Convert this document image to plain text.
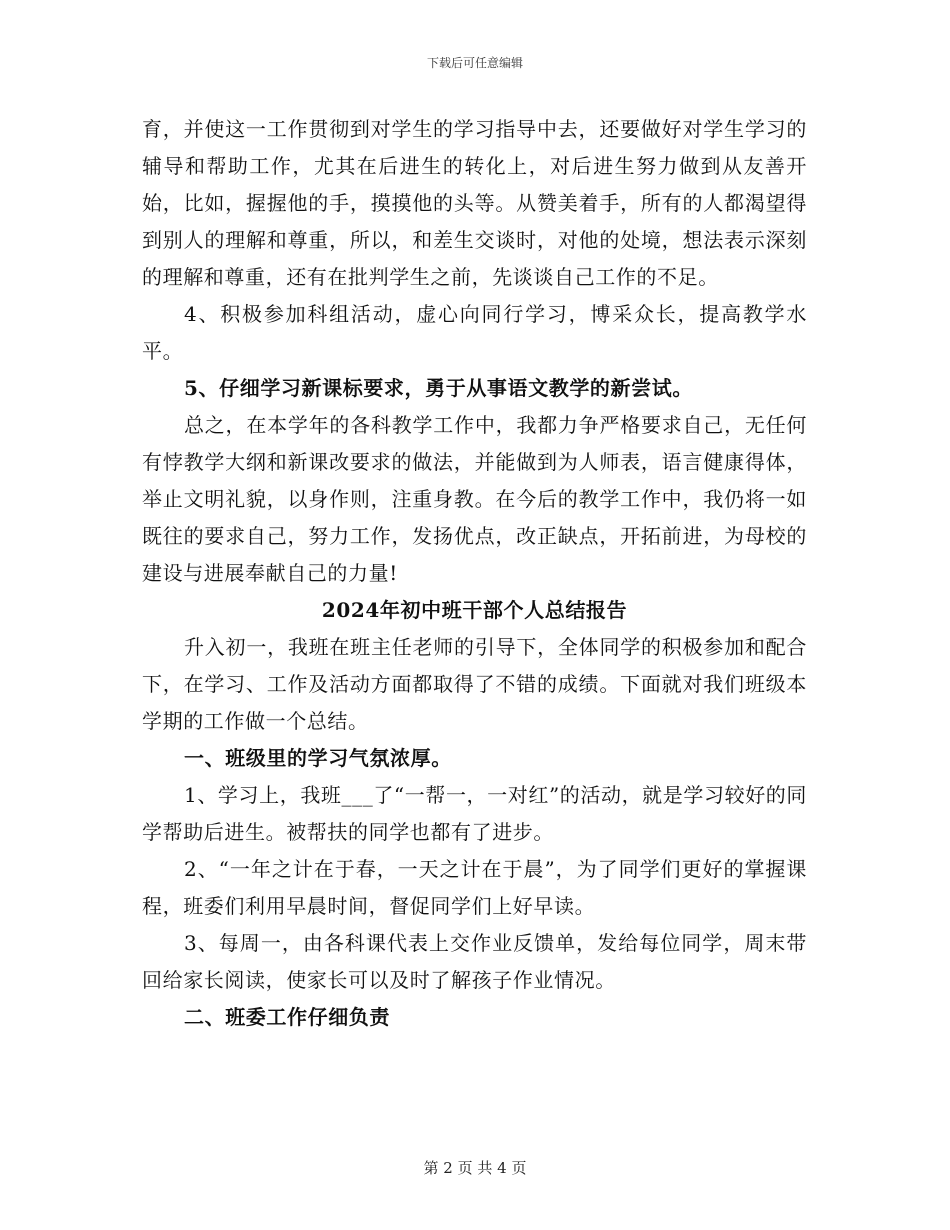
下载后可任意编辑

育，并使这一工作贯彻到对学生的学习指导中去，还要做好对学生学习的辅导和帮助工作，尤其在后进生的转化上，对后进生努力做到从友善开始，比如，握握他的手，摸摸他的头等。从赞美着手，所有的人都渴望得到别人的理解和尊重，所以，和差生交谈时，对他的处境，想法表示深刻的理解和尊重，还有在批判学生之前，先谈谈自己工作的不足。

4、积极参加科组活动，虚心向同行学习，博采众长，提高教学水平。

5、仔细学习新课标要求，勇于从事语文教学的新尝试。

总之，在本学年的各科教学工作中，我都力争严格要求自己，无任何有悖教学大纲和新课改要求的做法，并能做到为人师表，语言健康得体，举止文明礼貌，以身作则，注重身教。在今后的教学工作中，我仍将一如既往的要求自己，努力工作，发扬优点，改正缺点，开拓前进，为母校的建设与进展奉献自己的力量!

2024年初中班干部个人总结报告

升入初一，我班在班主任老师的引导下，全体同学的积极参加和配合下，在学习、工作及活动方面都取得了不错的成绩。下面就对我们班级本学期的工作做一个总结。

一、班级里的学习气氛浓厚。

1、学习上，我班___了“一帮一，一对红”的活动，就是学习较好的同学帮助后进生。被帮扶的同学也都有了进步。

2、“一年之计在于春，一天之计在于晨”，为了同学们更好的掌握课程，班委们利用早晨时间，督促同学们上好早读。

3、每周一，由各科课代表上交作业反馈单，发给每位同学，周末带回给家长阅读，使家长可以及时了解孩子作业情况。

二、班委工作仔细负责

第 2 页 共 4 页
